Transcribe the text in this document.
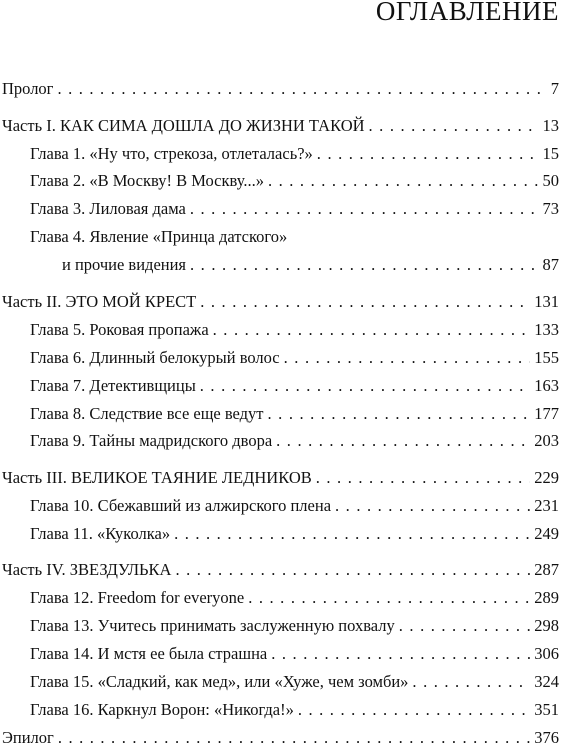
ОГЛАВЛЕНИЕ
Пролог . . .	7
Часть I. КАК СИМА ДОШЛА ДО ЖИЗНИ ТАКОЙ . . .	13
Глава 1. «Ну что, стрекоза, отлеталась?» . . .	15
Глава 2. «В Москву! В Москву...» . . .	50
Глава 3. Лиловая дама . . .	73
Глава 4. Явление «Принца датского»
и прочие видения . . .	87
Часть II. ЭТО МОЙ КРЕСТ . . .	131
Глава 5. Роковая пропажа . . .	133
Глава 6. Длинный белокурый волос . . .	155
Глава 7. Детективщицы . . .	163
Глава 8. Следствие все еще ведут . . .	177
Глава 9. Тайны мадридского двора . . .	203
Часть III. ВЕЛИКОЕ ТАЯНИЕ ЛЕДНИКОВ . . .	229
Глава 10. Сбежавший из алжирского плена . . .	231
Глава 11. «Куколка» . . .	249
Часть IV. ЗВЕЗДУЛЬКА . . .	287
Глава 12. Freedom for everyone . . .	289
Глава 13. Учитесь принимать заслуженную похвалу . . .	298
Глава 14. И мстя ее была страшна . . .	306
Глава 15. «Сладкий, как мед», или «Хуже, чем зомби» . . .	324
Глава 16. Каркнул Ворон: «Никогда!» . . .	351
Эпилог . . .	376
